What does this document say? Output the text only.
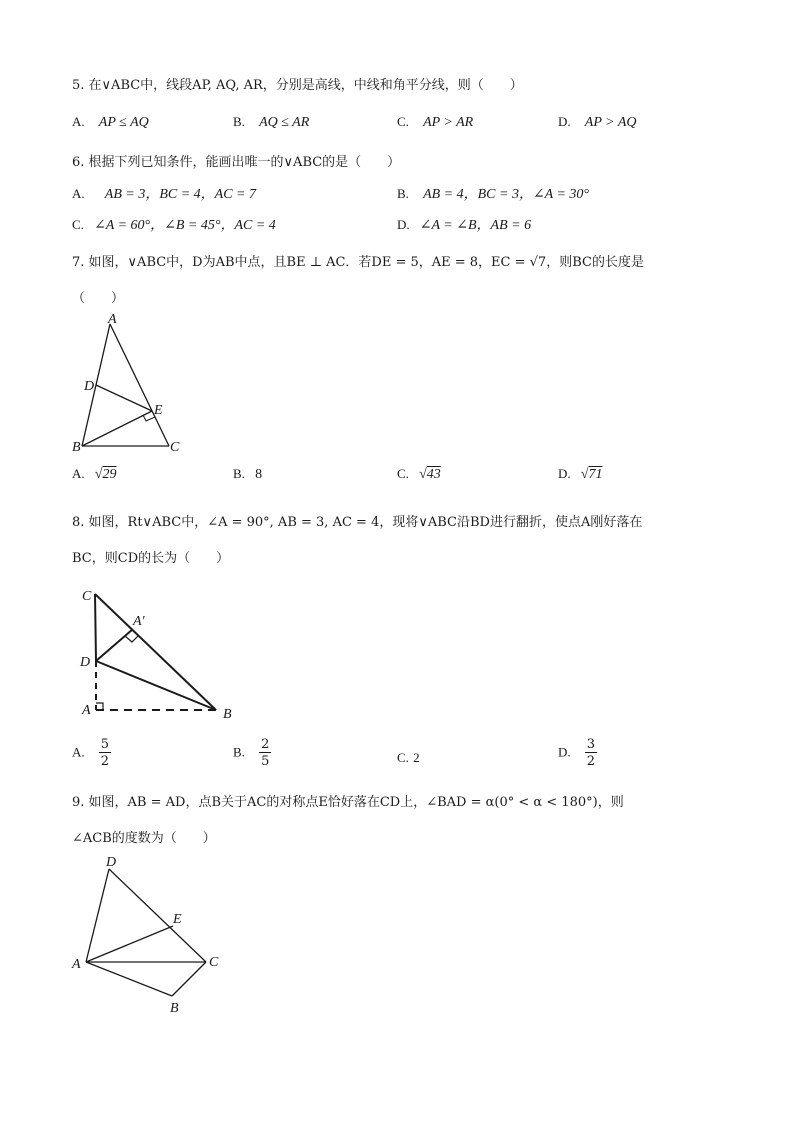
5. 在∨ABC中，线段AP, AQ, AR，分别是高线，中线和角平分线，则（　　）
A. AP ≤ AQ	B. AQ ≤ AR	C. AP > AR	D. AP > AQ
6. 根据下列已知条件，能画出唯一的∨ABC的是（　　）
A. AB = 3，BC = 4，AC = 7	B. AB = 4，BC = 3，∠A = 30°
C. ∠A = 60°，∠B = 45°，AC = 4	D. ∠A = ∠B，AB = 6
7. 如图，∨ABC中，D为AB中点，且BE ⊥ AC．若DE = 5，AE = 8，EC = √7，则BC的长度是
（　　）
A
D
E
B	C
A. √29	B. 8	C. √43	D. √71
8. 如图，Rt∨ABC中，∠A = 90°, AB = 3, AC = 4，现将∨ABC沿BD进行翻折，使点A刚好落在
BC，则CD的长为（　　）
C
A′
D
A	B
A. $\frac{5}{2}$	B. $\frac{2}{5}$	C. 2	D. $\frac{3}{2}$
9. 如图，AB = AD，点B关于AC的对称点E恰好落在CD上，∠BAD = α(0° < α < 180°)，则
∠ACB的度数为（　　）
D
E
A	C
B
